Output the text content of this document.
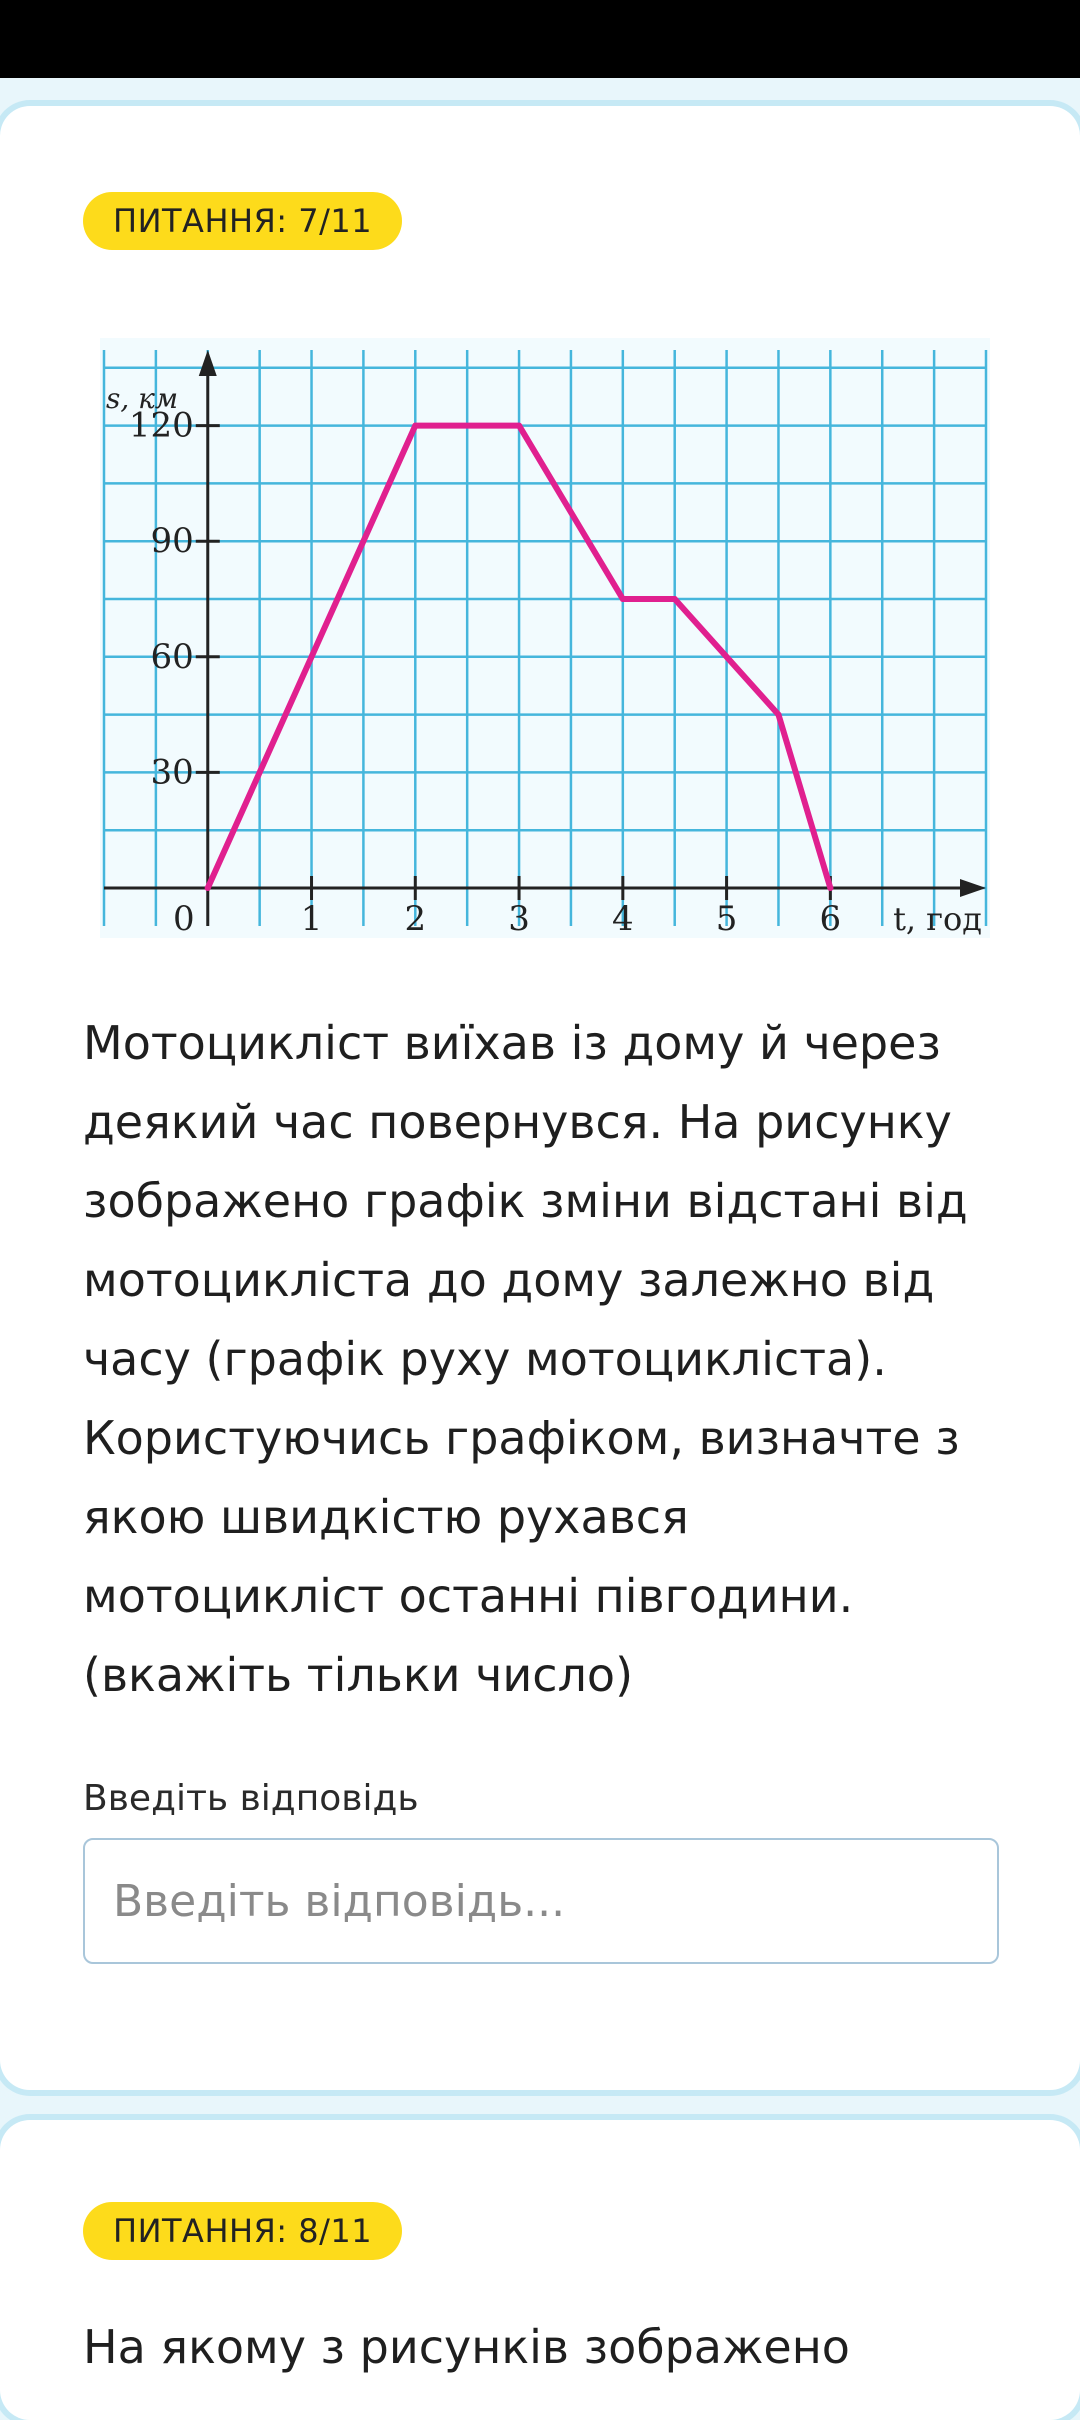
ПИТАННЯ: 7/11
0	1 2 3 4 5 6
30
60
90
120
s, км
t, год

Мотоцикліст виїхав із дому й через деякий час повернувся. На рисунку зображено графік зміни відстані від мотоцикліста до дому залежно від часу (графік руху мотоцикліста). Користуючись графіком, визначте з якою швидкістю рухався мотоцикліст останні півгодини. (вкажіть тільки число)

Введіть відповідь
Введіть відповідь...
ПИТАННЯ: 8/11
На якому з рисунків зображено
